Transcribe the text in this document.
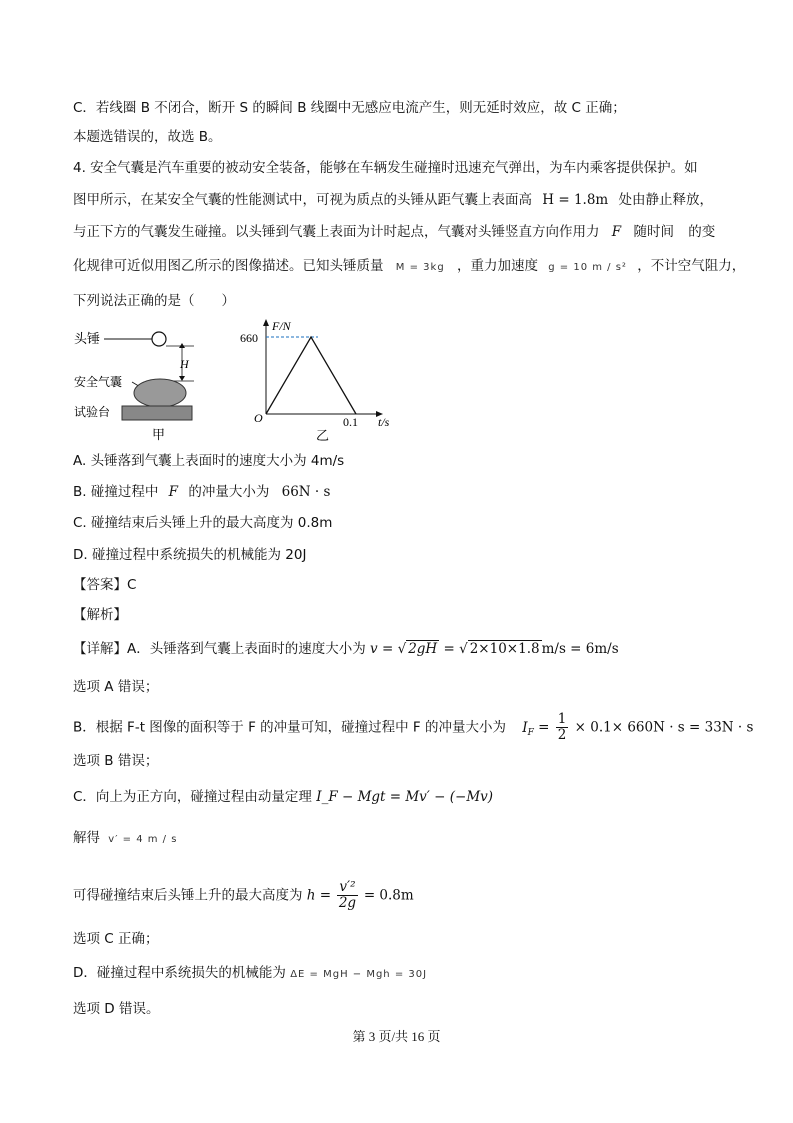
C．若线圈 B 不闭合，断开 S 的瞬间 B 线圈中无感应电流产生，则无延时效应，故 C 正确；
本题选错误的，故选 B。
4. 安全气囊是汽车重要的被动安全装备，能够在车辆发生碰撞时迅速充气弹出，为车内乘客提供保护。如
图甲所示，在某安全气囊的性能测试中，可视为质点的头锤从距气囊上表面高 H = 1.8m 处由静止释放，
与正下方的气囊发生碰撞。以头锤到气囊上表面为计时起点，气囊对头锤竖直方向作用力 F 随时间 的变
化规律可近似用图乙所示的图像描述。已知头锤质量 M = 3kg ，重力加速度 g = 10 m / s² ，不计空气阻力，
下列说法正确的是（　　）
头锤
H
安全气囊
试验台
甲
F/N
660
O	0.1 t/s
乙
A. 头锤落到气囊上表面时的速度大小为 4m/s
B. 碰撞过程中 F 的冲量大小为 66N · s
C. 碰撞结束后头锤上升的最大高度为 0.8m
D. 碰撞过程中系统损失的机械能为 20J
【答案】C
【解析】
【详解】A．头锤落到气囊上表面时的速度大小为 v = √ 2gH = √ 2×10×1.8 m/s = 6m/s
选项 A 错误；
B．根据 F-t 图像的面积等于 F 的冲量可知，碰撞过程中 F 的冲量大小为 $I_F = \frac{1}{2} \times 0.1\times 660N \cdot s = 33N \cdot s$
选项 B 错误；
C．向上为正方向，碰撞过程由动量定理 I_F − Mgt = Mv′ − (−Mv)
解得 v′ = 4 m / s
可得碰撞结束后头锤上升的最大高度为 $h = \frac{\text{v′²}}{2g} = 0.8m$
选项 C 正确；
D．碰撞过程中系统损失的机械能为 ΔE = MgH − Mgh = 30J
选项 D 错误。
第 3 页/共 16 页
